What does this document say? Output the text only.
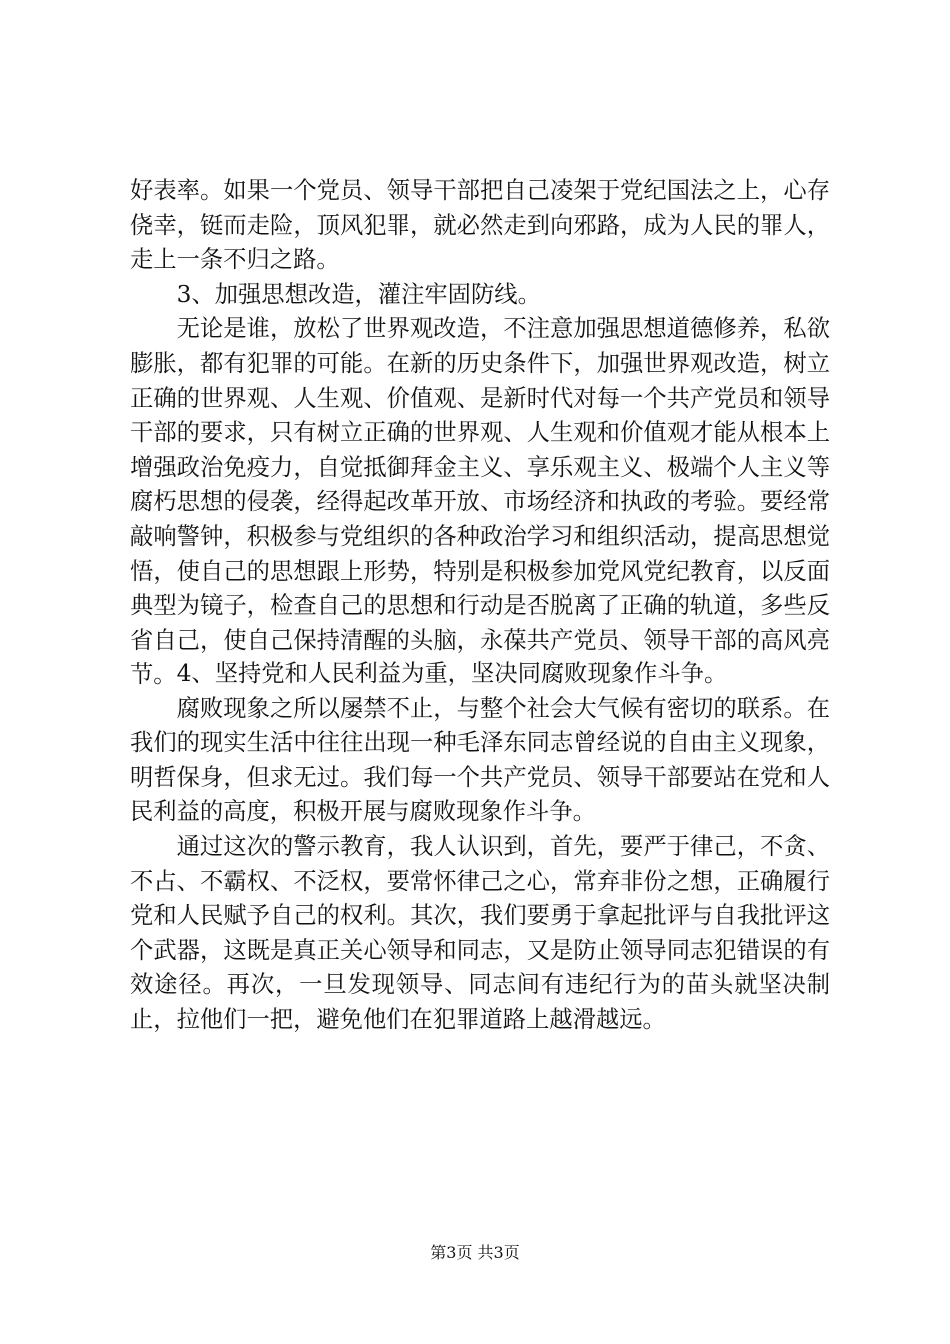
好表率。如果一个党员、领导干部把自己凌架于党纪国法之上，心存侥幸，铤而走险，顶风犯罪，就必然走到向邪路，成为人民的罪人，走上一条不归之路。

3、加强思想改造，灌注牢固防线。

无论是谁，放松了世界观改造，不注意加强思想道德修养，私欲膨胀，都有犯罪的可能。在新的历史条件下，加强世界观改造，树立正确的世界观、人生观、价值观、是新时代对每一个共产党员和领导干部的要求，只有树立正确的世界观、人生观和价值观才能从根本上增强政治免疫力，自觉抵御拜金主义、享乐观主义、极端个人主义等腐朽思想的侵袭，经得起改革开放、市场经济和执政的考验。要经常敲响警钟，积极参与党组织的各种政治学习和组织活动，提高思想觉悟，使自己的思想跟上形势，特别是积极参加党风党纪教育，以反面典型为镜子，检查自己的思想和行动是否脱离了正确的轨道，多些反省自己，使自己保持清醒的头脑，永葆共产党员、领导干部的高风亮节。 4、坚持党和人民利益为重，坚决同腐败现象作斗争。

腐败现象之所以屡禁不止，与整个社会大气候有密切的联系。在我们的现实生活中往往出现一种毛泽东同志曾经说的自由主义现象，明哲保身，但求无过。我们每一个共产党员、领导干部要站在党和人民利益的高度，积极开展与腐败现象作斗争。

通过这次的警示教育，我人认识到，首先，要严于律己，不贪、不占、不霸权、不泛权，要常怀律己之心，常弃非份之想，正确履行党和人民赋予自己的权利。其次，我们要勇于拿起批评与自我批评这个武器，这既是真正关心领导和同志，又是防止领导同志犯错误的有效途径。再次，一旦发现领导、同志间有违纪行为的苗头就坚决制止，拉他们一把，避免他们在犯罪道路上越滑越远。

第3页 共3页
